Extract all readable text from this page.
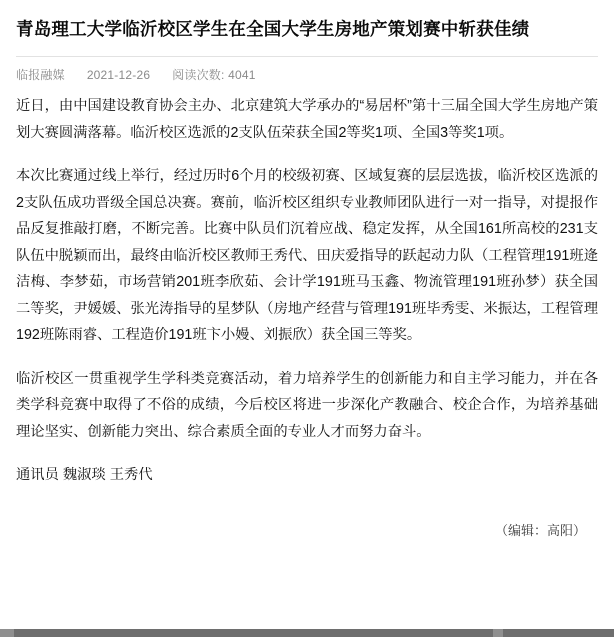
青岛理工大学临沂校区学生在全国大学生房地产策划赛中斩获佳绩
临报融媒 2021-12-26 阅读次数: 4041

近日，由中国建设教育协会主办、北京建筑大学承办的“易居杯”第十三届全国大学生房地产策划大赛圆满落幕。临沂校区选派的2支队伍荣获全国2等奖1项、全国3等奖1项。

本次比赛通过线上举行，经过历时6个月的校级初赛、区域复赛的层层选拔，临沂校区选派的2支队伍成功晋级全国总决赛。赛前，临沂校区组织专业教师团队进行一对一指导，对提报作品反复推敲打磨，不断完善。比赛中队员们沉着应战、稳定发挥，从全国161所高校的231支队伍中脱颖而出，最终由临沂校区教师王秀代、田庆爱指导的跃起动力队（工程管理191班逄洁梅、李梦茹，市场营销201班李欣茹、会计学191班马玉鑫、物流管理191班孙梦）获全国二等奖，尹媛媛、张光涛指导的星梦队（房地产经营与管理191班毕秀雯、米振达，工程管理192班陈雨睿、工程造价191班卞小嫚、刘振欣）获全国三等奖。

临沂校区一贯重视学生学科类竞赛活动，着力培养学生的创新能力和自主学习能力，并在各类学科竞赛中取得了不俗的成绩，今后校区将进一步深化产教融合、校企合作，为培养基础理论坚实、创新能力突出、综合素质全面的专业人才而努力奋斗。

通讯员 魏淑琰 王秀代
（编辑：高阳）
